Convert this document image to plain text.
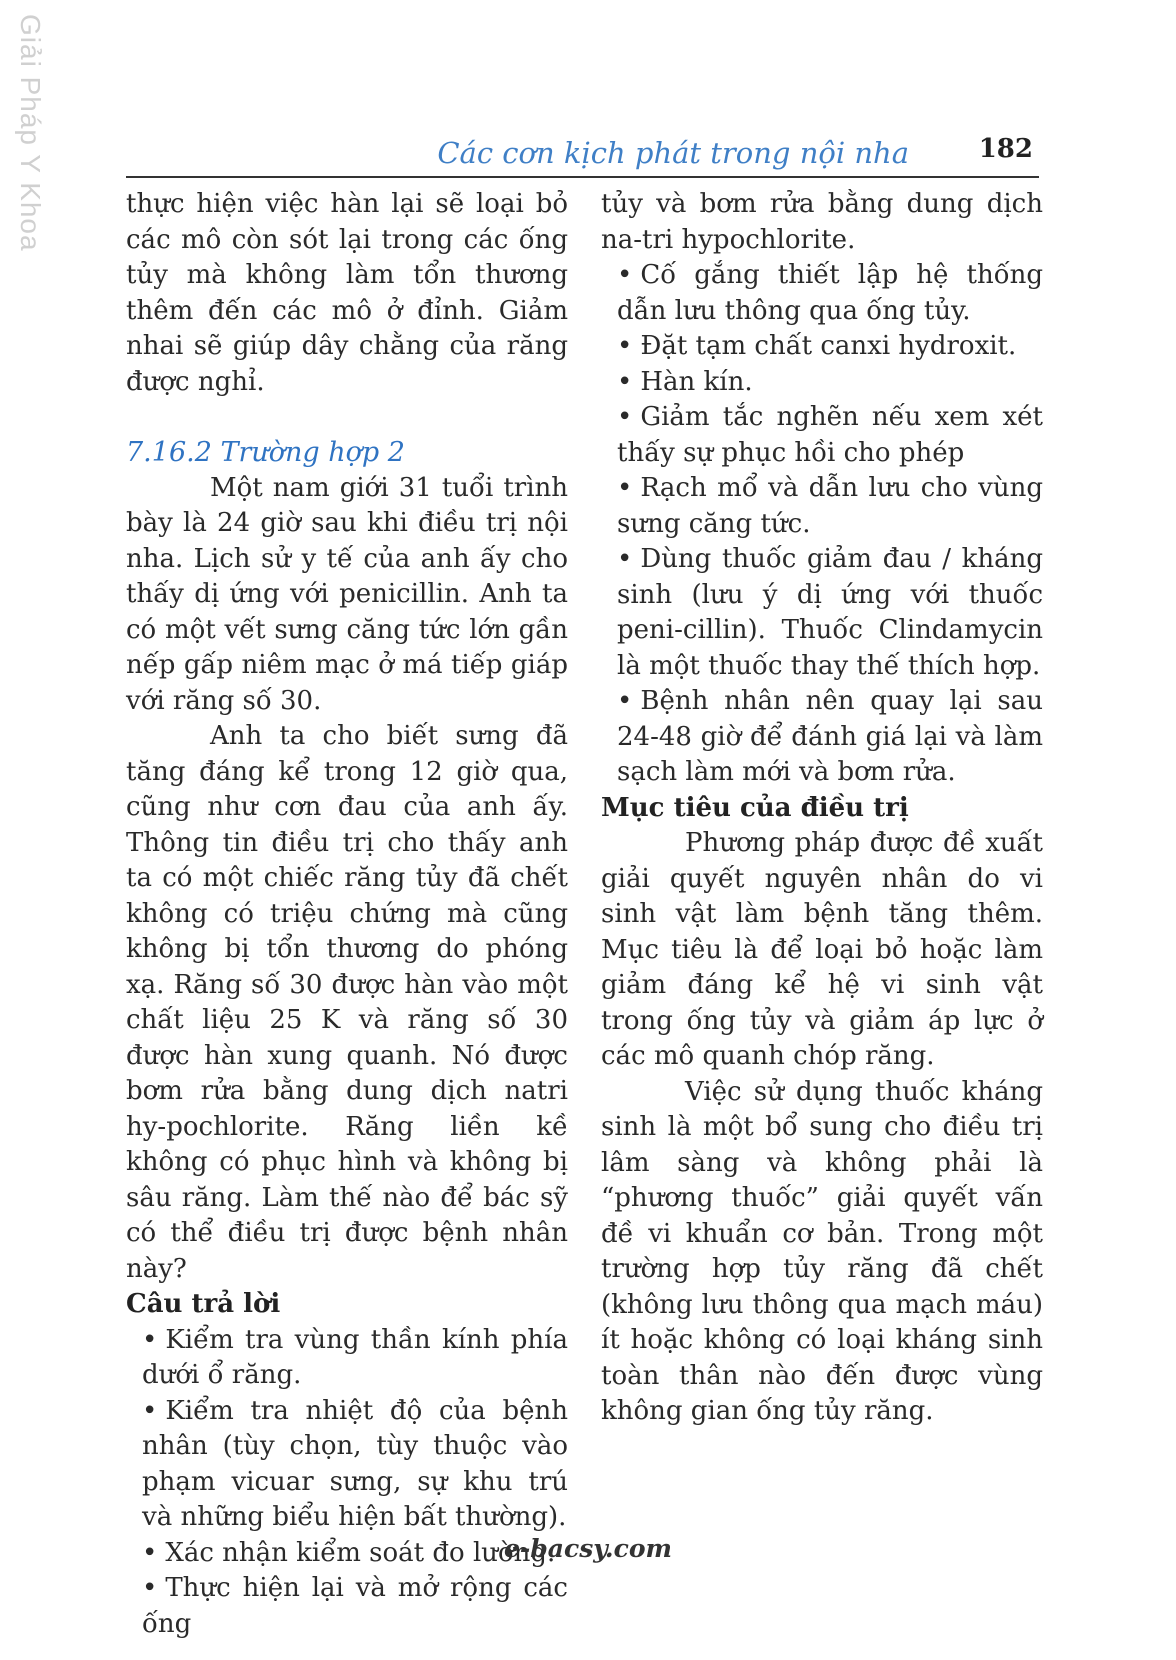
Giải Pháp Y Khoa	Các cơn kịch phát trong nội nha	182

thực hiện việc hàn lại sẽ loại bỏ các mô còn sót lại trong các ống tủy mà không làm tổn thương thêm đến các mô ở đỉnh. Giảm nhai sẽ giúp dây chằng của răng được nghỉ.

7.16.2 Trường hợp 2

Một nam giới 31 tuổi trình bày là 24 giờ sau khi điều trị nội nha. Lịch sử y tế của anh ấy cho thấy dị ứng với penicillin. Anh ta có một vết sưng căng tức lớn gần nếp gấp niêm mạc ở má tiếp giáp với răng số 30.

Anh ta cho biết sưng đã tăng đáng kể trong 12 giờ qua, cũng như cơn đau của anh ấy. Thông tin điều trị cho thấy anh ta có một chiếc răng tủy đã chết không có triệu chứng mà cũng không bị tổn thương do phóng xạ. Răng số 30 được hàn vào một chất liệu 25 K và răng số 30 được hàn xung quanh. Nó được bơm rửa bằng dung dịch natri hy-pochlorite. Răng liền kề không có phục hình và không bị sâu răng. Làm thế nào để bác sỹ có thể điều trị được bệnh nhân này?

Câu trả lời
• Kiểm tra vùng thần kính phía dưới ổ răng.
• Kiểm tra nhiệt độ của bệnh nhân (tùy chọn, tùy thuộc vào phạm vicuar sưng, sự khu trú và những biểu hiện bất thường).
• Xác nhận kiểm soát đo lường.
• Thực hiện lại và mở rộng các ống

tủy và bơm rửa bằng dung dịch na-tri hypochlorite.

• Cố gắng thiết lập hệ thống dẫn lưu thông qua ống tủy.
• Đặt tạm chất canxi hydroxit.
• Hàn kín.
• Giảm tắc nghẽn nếu xem xét thấy sự phục hồi cho phép
• Rạch mổ và dẫn lưu cho vùng sưng căng tức.
• Dùng thuốc giảm đau / kháng sinh (lưu ý dị ứng với thuốc peni-cillin). Thuốc Clindamycin là một thuốc thay thế thích hợp.
• Bệnh nhân nên quay lại sau 24-48 giờ để đánh giá lại và làm sạch làm mới và bơm rửa.
Mục tiêu của điều trị

Phương pháp được đề xuất giải quyết nguyên nhân do vi sinh vật làm bệnh tăng thêm. Mục tiêu là để loại bỏ hoặc làm giảm đáng kể hệ vi sinh vật trong ống tủy và giảm áp lực ở các mô quanh chóp răng.

Việc sử dụng thuốc kháng sinh là một bổ sung cho điều trị lâm sàng và không phải là “phương thuốc” giải quyết vấn đề vi khuẩn cơ bản. Trong một trường hợp tủy răng đã chết (không lưu thông qua mạch máu) ít hoặc không có loại kháng sinh toàn thân nào đến được vùng không gian ống tủy răng.

e-bacsy.com
